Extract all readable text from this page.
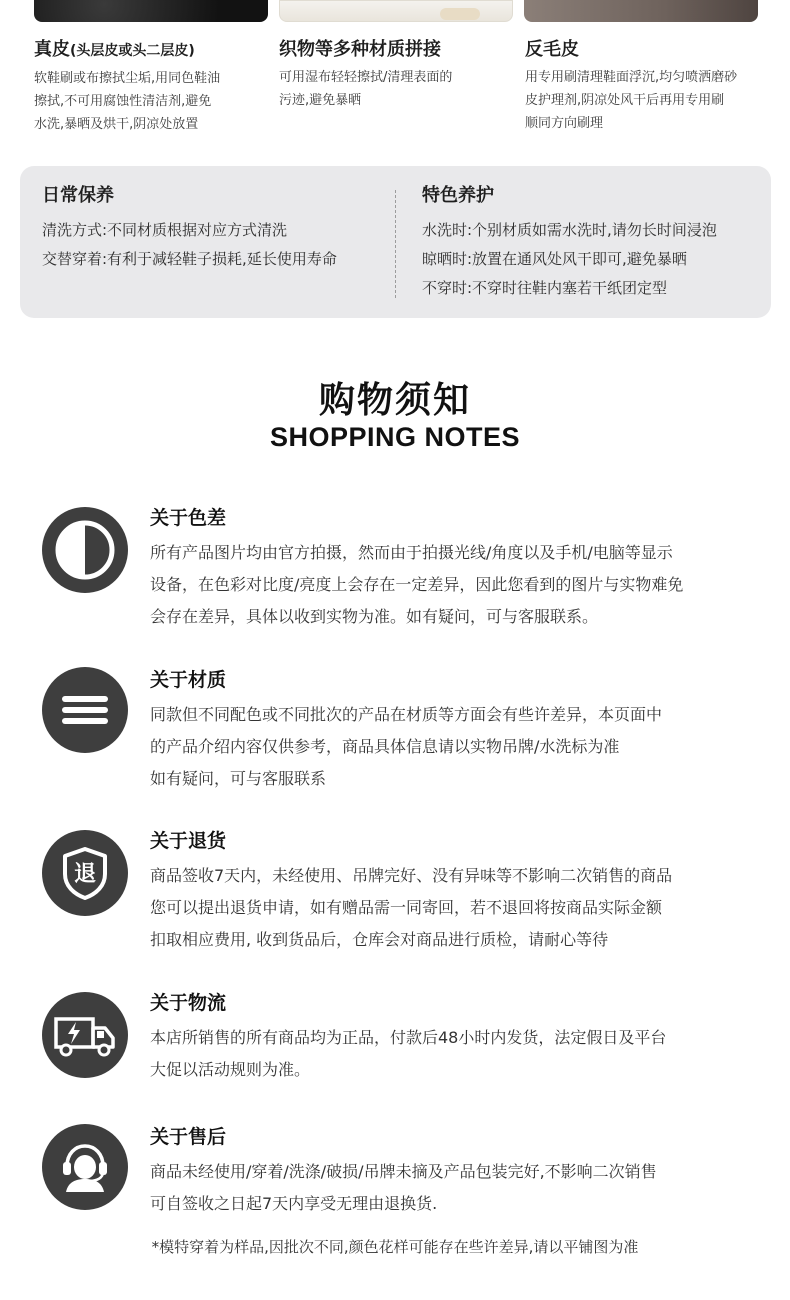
真皮(头层皮或头二层皮)
软鞋刷或布擦拭尘垢,用同色鞋油
擦拭,不可用腐蚀性清洁剂,避免
水洗,暴晒及烘干,阴凉处放置
织物等多种材质拼接
可用湿布轻轻擦拭/清理表面的
污迹,避免暴晒
反毛皮
用专用刷清理鞋面浮沉,均匀喷洒磨砂
皮护理剂,阴凉处风干后再用专用刷
顺同方向刷理
日常保养
清洗方式:不同材质根据对应方式清洗
交替穿着:有利于减轻鞋子损耗,延长使用寿命
特色养护
水洗时:个别材质如需水洗时,请勿长时间浸泡
晾晒时:放置在通风处风干即可,避免暴晒
不穿时:不穿时往鞋内塞若干纸团定型
购物须知
SHOPPING NOTES
关于色差
所有产品图片均由官方拍摄，然而由于拍摄光线/角度以及手机/电脑等显示
设备，在色彩对比度/亮度上会存在一定差异，因此您看到的图片与实物难免
会存在差异，具体以收到实物为准。如有疑问，可与客服联系。
关于材质
同款但不同配色或不同批次的产品在材质等方面会有些许差异，本页面中
的产品介绍内容仅供参考，商品具体信息请以实物吊牌/水洗标为准
如有疑问，可与客服联系
退
关于退货
商品签收7天内，未经使用、吊牌完好、没有异味等不影响二次销售的商品
您可以提出退货申请，如有赠品需一同寄回，若不退回将按商品实际金额
扣取相应费用, 收到货品后，仓库会对商品进行质检，请耐心等待
关于物流
本店所销售的所有商品均为正品，付款后48小时内发货，法定假日及平台
大促以活动规则为准。
关于售后
商品未经使用/穿着/洗涤/破损/吊牌未摘及产品包装完好,不影响二次销售
可自签收之日起7天内享受无理由退换货.
*模特穿着为样品,因批次不同,颜色花样可能存在些许差异,请以平铺图为准
